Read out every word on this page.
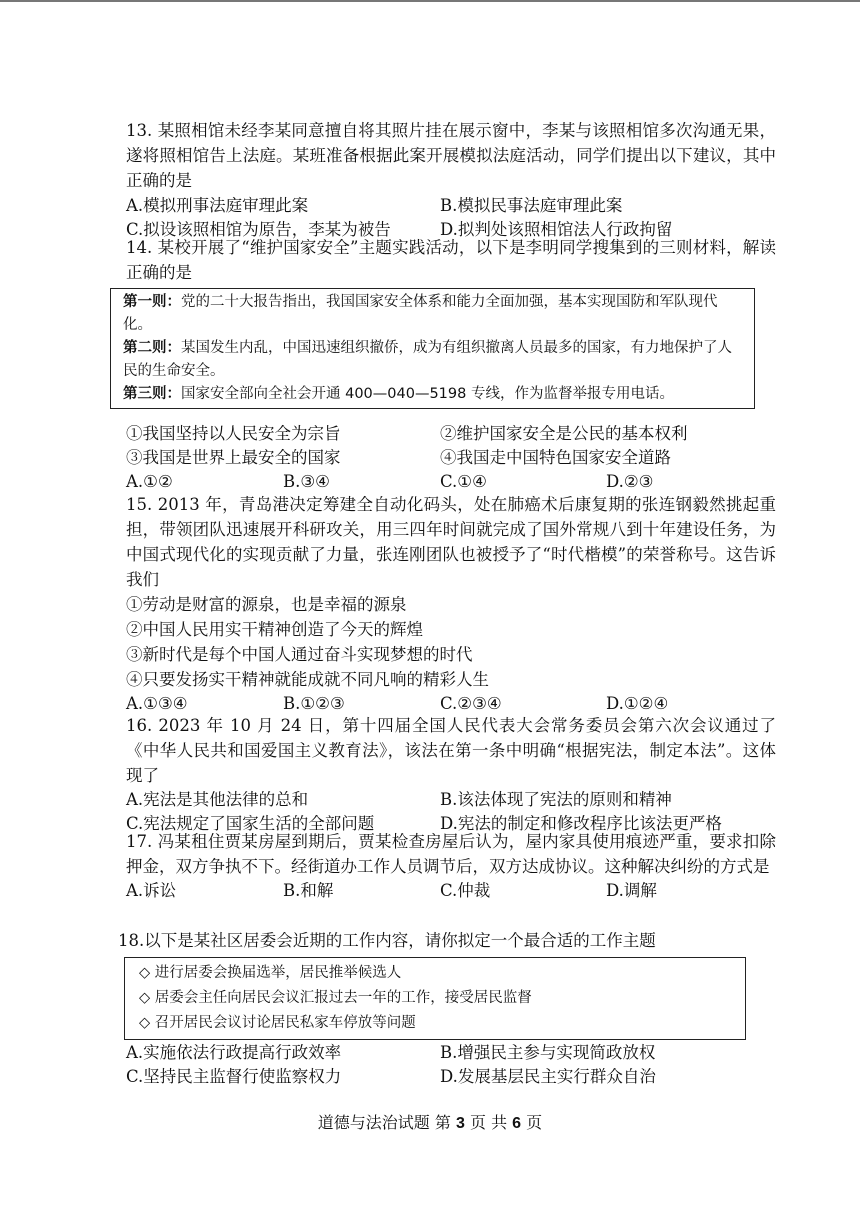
13. 某照相馆未经李某同意擅自将其照片挂在展示窗中，李某与该照相馆多次沟通无果，遂将照相馆告上法庭。某班准备根据此案开展模拟法庭活动，同学们提出以下建议，其中正确的是

A.模拟刑事法庭审理此案	B.模拟民事法庭审理此案
C.拟设该照相馆为原告，李某为被告	D.拟判处该照相馆法人行政拘留

14. 某校开展了“维护国家安全”主题实践活动，以下是李明同学搜集到的三则材料，解读正确的是

第一则：党的二十大报告指出，我国国家安全体系和能力全面加强，基本实现国防和军队现代化。

第二则：某国发生内乱，中国迅速组织撤侨，成为有组织撤离人员最多的国家，有力地保护了人民的生命安全。

第三则：国家安全部向全社会开通 400—040—5198 专线，作为监督举报专用电话。

①我国坚持以人民安全为宗旨	②维护国家安全是公民的基本权利
③我国是世界上最安全的国家	④我国走中国特色国家安全道路
A.①②	B.③④	C.①④	D.②③

15. 2013 年，青岛港决定筹建全自动化码头，处在肺癌术后康复期的张连钢毅然挑起重担，带领团队迅速展开科研攻关，用三四年时间就完成了国外常规八到十年建设任务，为中国式现代化的实现贡献了力量，张连刚团队也被授予了“时代楷模”的荣誉称号。这告诉我们

①劳动是财富的源泉，也是幸福的源泉
②中国人民用实干精神创造了今天的辉煌
③新时代是每个中国人通过奋斗实现梦想的时代
④只要发扬实干精神就能成就不同凡响的精彩人生
A.①③④	B.①②③	C.②③④	D.①②④

16. 2023 年 10 月 24 日，第十四届全国人民代表大会常务委员会第六次会议通过了《中华人民共和国爱国主义教育法》，该法在第一条中明确“根据宪法，制定本法”。这体现了

A.宪法是其他法律的总和	B.该法体现了宪法的原则和精神
C.宪法规定了国家生活的全部问题	D.宪法的制定和修改程序比该法更严格

17. 冯某租住贾某房屋到期后，贾某检查房屋后认为，屋内家具使用痕迹严重，要求扣除押金，双方争执不下。经街道办工作人员调节后，双方达成协议。这种解决纠纷的方式是

A.诉讼	B.和解	C.仲裁	D.调解

18.以下是某社区居委会近期的工作内容，请你拟定一个最合适的工作主题

◇ 进行居委会换届选举，居民推举候选人

◇ 居委会主任向居民会议汇报过去一年的工作，接受居民监督

◇ 召开居民会议讨论居民私家车停放等问题

A.实施依法行政提高行政效率	B.增强民主参与实现简政放权
C.坚持民主监督行使监察权力	D.发展基层民主实行群众自治
道德与法治试题 第 3 页 共 6 页
